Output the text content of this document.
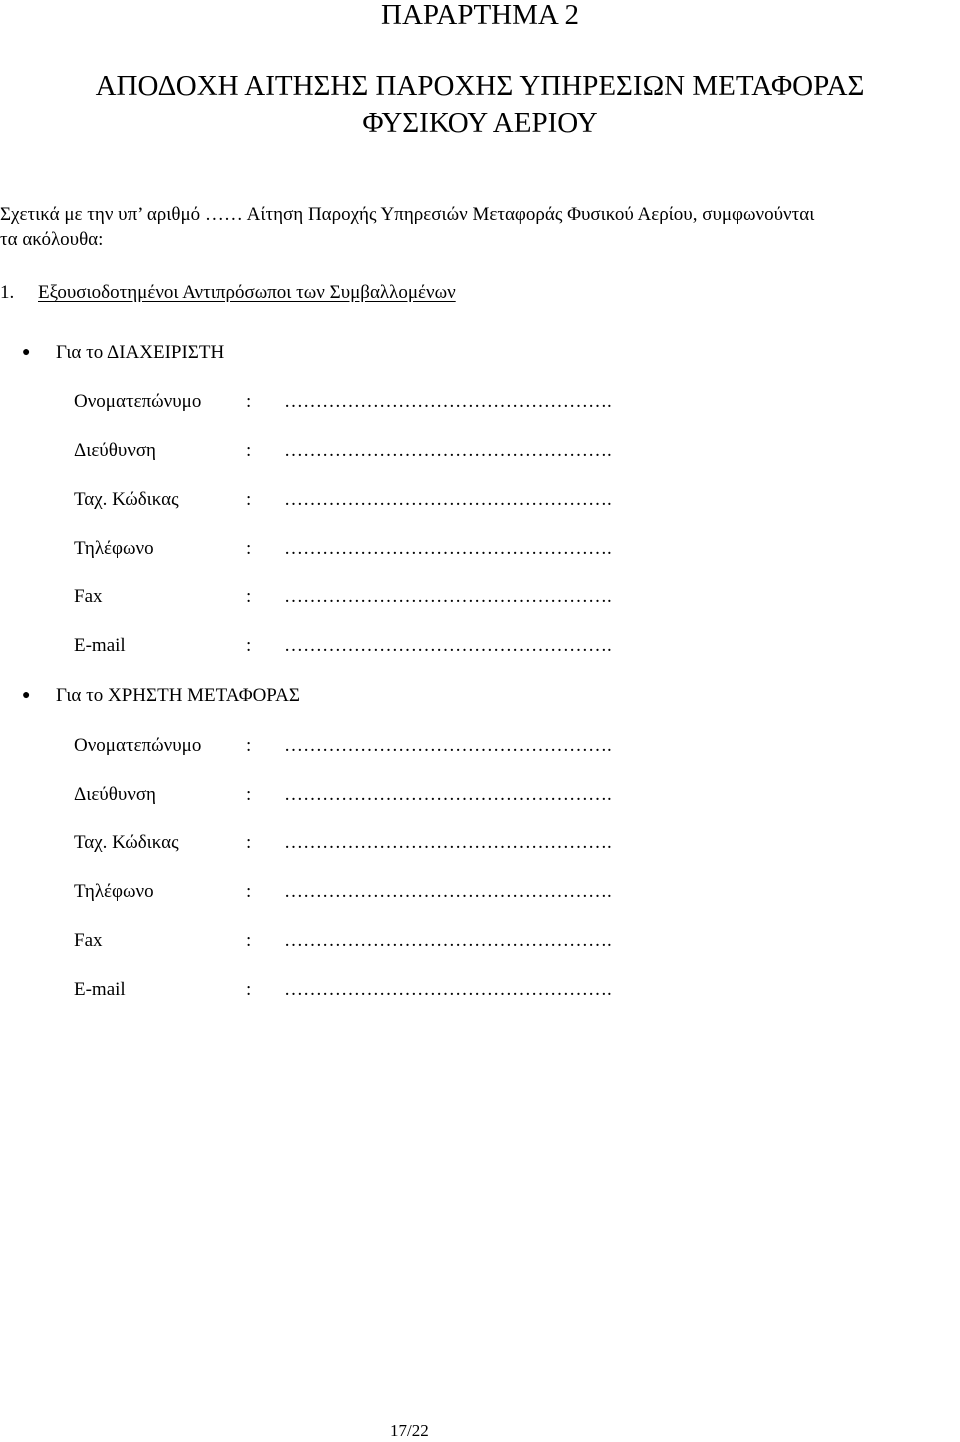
ΠΑΡΑΡΤΗΜΑ 2
ΑΠΟΔΟΧΗ ΑΙΤΗΣΗΣ ΠΑΡΟΧΗΣ ΥΠΗΡΕΣΙΩΝ ΜΕΤΑΦΟΡΑΣ
ΦΥΣΙΚΟΥ ΑΕΡΙΟΥ
Σχετικά με την υπ’ αριθμό …… Αίτηση Παροχής Υπηρεσιών Μεταφοράς Φυσικού Αερίου, συμφωνούνται
τα ακόλουθα:
1. Εξουσιοδοτημένοι Αντιπρόσωποι των Συμβαλλομένων
● Για το ΔΙΑΧΕΙΡΙΣΤΗ
Ονοματεπώνυμο : …………………………………………….
Διεύθυνση	: …………………………………………….
Ταχ. Κώδικας	: …………………………………………….
Τηλέφωνο	: …………………………………………….
Fax	: …………………………………………….
E-mail	: …………………………………………….
● Για το ΧΡΗΣΤΗ ΜΕΤΑΦΟΡΑΣ
Ονοματεπώνυμο : …………………………………………….
Διεύθυνση	: …………………………………………….
Ταχ. Κώδικας	: …………………………………………….
Τηλέφωνο	: …………………………………………….
Fax	: …………………………………………….
E-mail	: …………………………………………….
17/22
